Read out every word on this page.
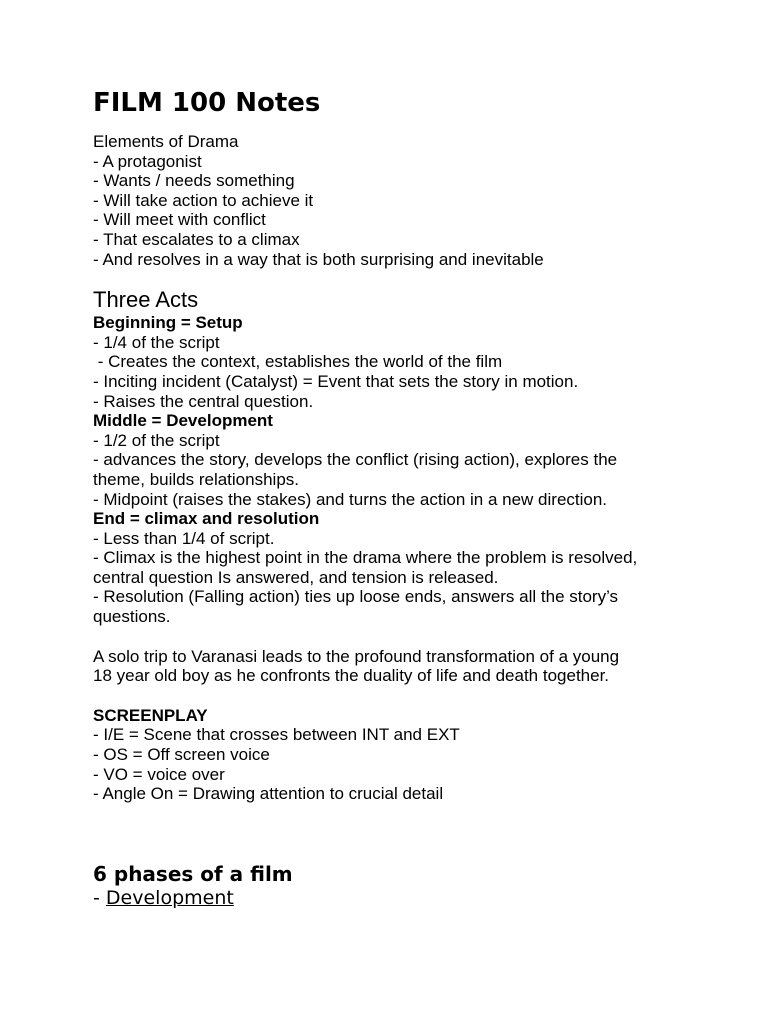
FILM 100 Notes
Elements of Drama
- A protagonist
- Wants / needs something
- Will take action to achieve it
- Will meet with conflict
- That escalates to a climax
- And resolves in a way that is both surprising and inevitable
Three Acts
Beginning = Setup
- 1/4 of the script
- Creates the context, establishes the world of the film
- Inciting incident (Catalyst) = Event that sets the story in motion.
- Raises the central question.
Middle = Development
- 1/2 of the script
- advances the story, develops the conflict (rising action), explores the
theme, builds relationships.
- Midpoint (raises the stakes) and turns the action in a new direction.
End = climax and resolution
- Less than 1/4 of script.
- Climax is the highest point in the drama where the problem is resolved,
central question Is answered, and tension is released.
- Resolution (Falling action) ties up loose ends, answers all the story’s
questions.
A solo trip to Varanasi leads to the profound transformation of a young
18 year old boy as he confronts the duality of life and death together.
SCREENPLAY
- I/E = Scene that crosses between INT and EXT
- OS = Off screen voice
- VO = voice over
- Angle On = Drawing attention to crucial detail
6 phases of a film
- Development
